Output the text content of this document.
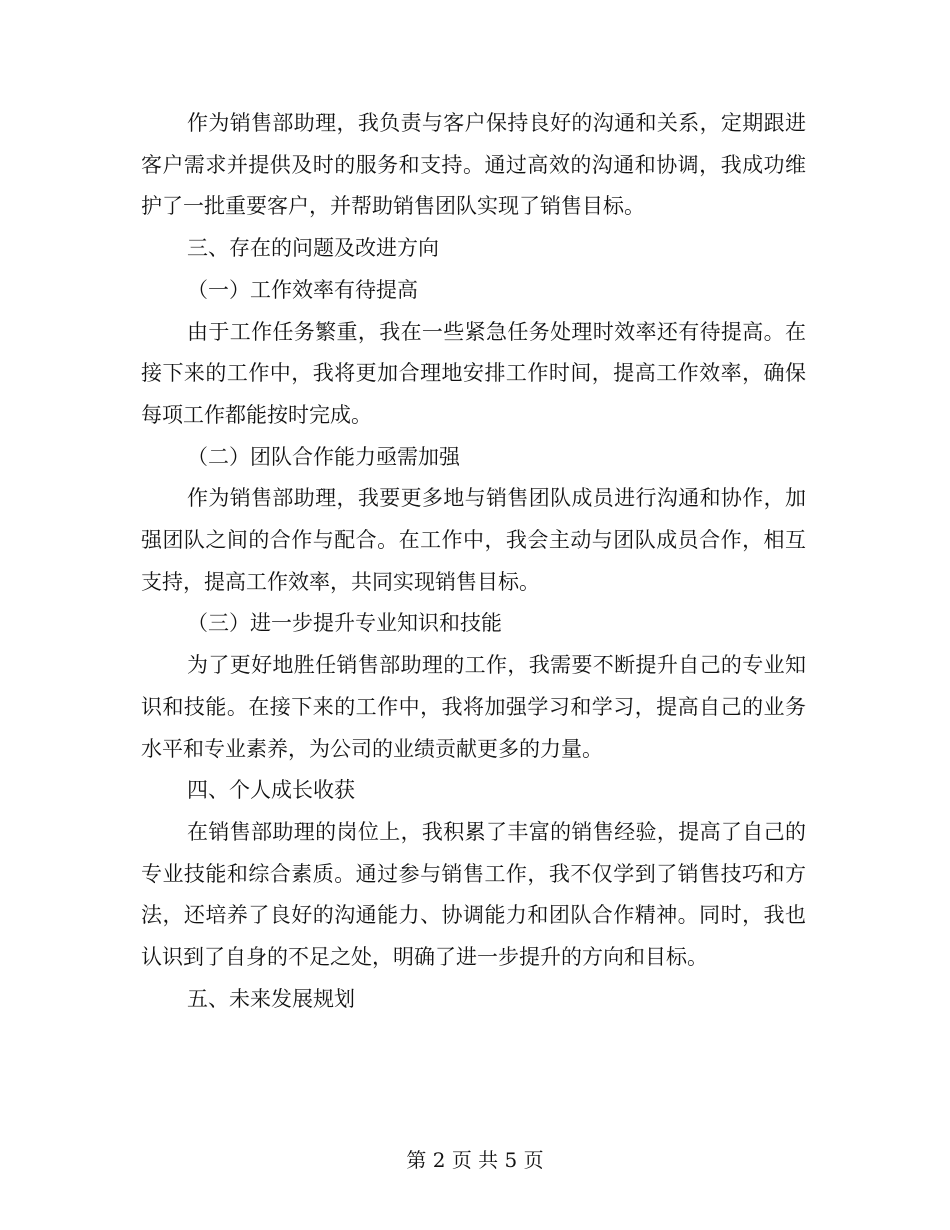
作为销售部助理，我负责与客户保持良好的沟通和关系，定期跟进客户需求并提供及时的服务和支持。通过高效的沟通和协调，我成功维护了一批重要客户，并帮助销售团队实现了销售目标。

三、存在的问题及改进方向

（一）工作效率有待提高

由于工作任务繁重，我在一些紧急任务处理时效率还有待提高。在接下来的工作中，我将更加合理地安排工作时间，提高工作效率，确保每项工作都能按时完成。

（二）团队合作能力亟需加强

作为销售部助理，我要更多地与销售团队成员进行沟通和协作，加强团队之间的合作与配合。在工作中，我会主动与团队成员合作，相互支持，提高工作效率，共同实现销售目标。

（三）进一步提升专业知识和技能

为了更好地胜任销售部助理的工作，我需要不断提升自己的专业知识和技能。在接下来的工作中，我将加强学习和学习，提高自己的业务水平和专业素养，为公司的业绩贡献更多的力量。

四、个人成长收获

在销售部助理的岗位上，我积累了丰富的销售经验，提高了自己的专业技能和综合素质。通过参与销售工作，我不仅学到了销售技巧和方法，还培养了良好的沟通能力、协调能力和团队合作精神。同时，我也认识到了自身的不足之处，明确了进一步提升的方向和目标。

五、未来发展规划

第 2 页 共 5 页
